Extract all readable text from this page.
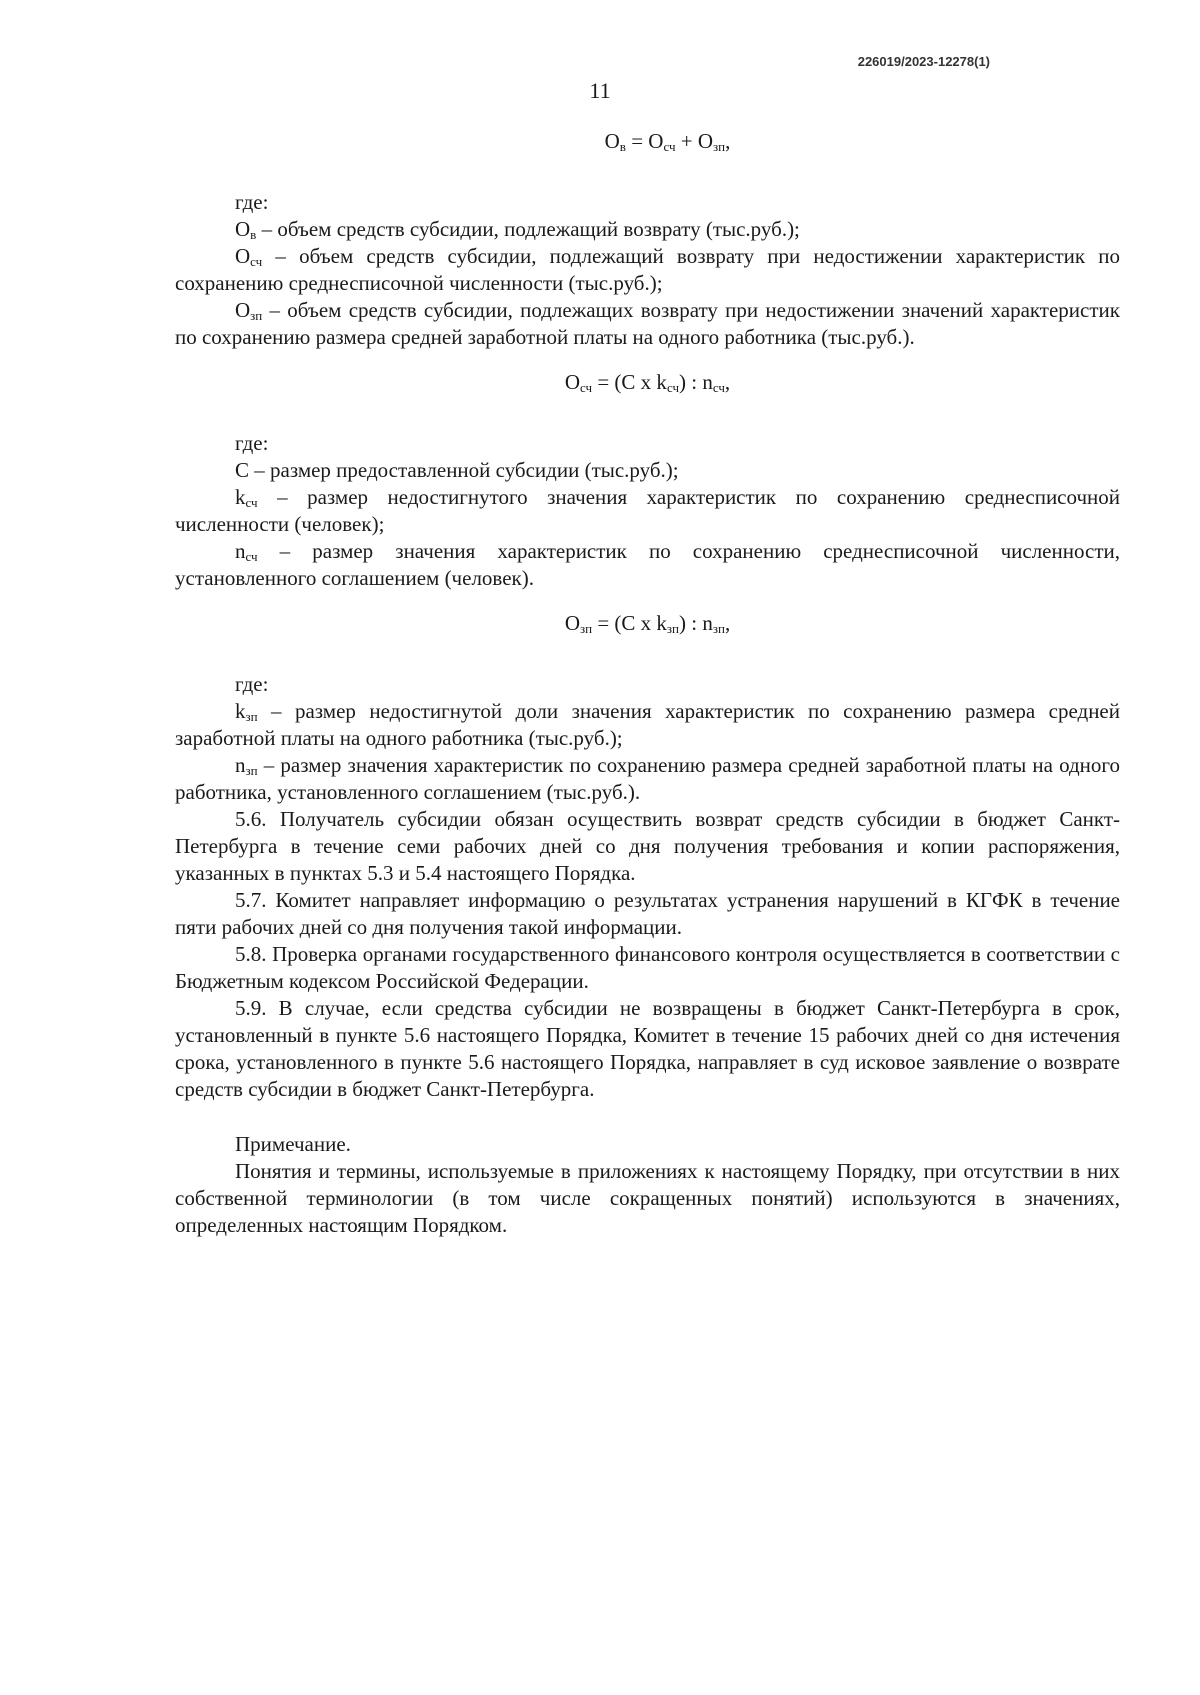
226019/2023-12278(1)
11
$О_в = О_{сч} + О_{зп}$,

где:

$О_в$ – объем средств субсидии, подлежащий возврату (тыс.руб.);

$О_{сч}$ – объем средств субсидии, подлежащий возврату при недостижении характеристик по сохранению среднесписочной численности (тыс.руб.);

$О_{зп}$ – объем средств субсидии, подлежащих возврату при недостижении значений характеристик по сохранению размера средней заработной платы на одного работника (тыс.руб.).

$О_{сч} = (С$ х $k_{сч}$) : $n_{сч}$,

где:

С – размер предоставленной субсидии (тыс.руб.);

$k_{сч}$ – размер недостигнутого значения характеристик по сохранению среднесписочной численности (человек);

$n_{сч}$ – размер значения характеристик по сохранению среднесписочной численности, установленного соглашением (человек).

$О_{зп} = (С$ х $k_{зп}$) : $n_{зп}$,

где:

$k_{зп}$ – размер недостигнутой доли значения характеристик по сохранению размера средней заработной платы на одного работника (тыс.руб.);

$n_{зп}$ – размер значения характеристик по сохранению размера средней заработной платы на одного работника, установленного соглашением (тыс.руб.).

5.6. Получатель субсидии обязан осуществить возврат средств субсидии в бюджет Санкт-Петербурга в течение семи рабочих дней со дня получения требования и копии распоряжения, указанных в пунктах 5.3 и 5.4 настоящего Порядка.

5.7. Комитет направляет информацию о результатах устранения нарушений в КГФК в течение пяти рабочих дней со дня получения такой информации.

5.8. Проверка органами государственного финансового контроля осуществляется в соответствии с Бюджетным кодексом Российской Федерации.

5.9. В случае, если средства субсидии не возвращены в бюджет Санкт-Петербурга в срок, установленный в пункте 5.6 настоящего Порядка, Комитет в течение 15 рабочих дней со дня истечения срока, установленного в пункте 5.6 настоящего Порядка, направляет в суд исковое заявление о возврате средств субсидии в бюджет Санкт-Петербурга.

Примечание.

Понятия и термины, используемые в приложениях к настоящему Порядку, при отсутствии в них собственной терминологии (в том числе сокращенных понятий) используются в значениях, определенных настоящим Порядком.
